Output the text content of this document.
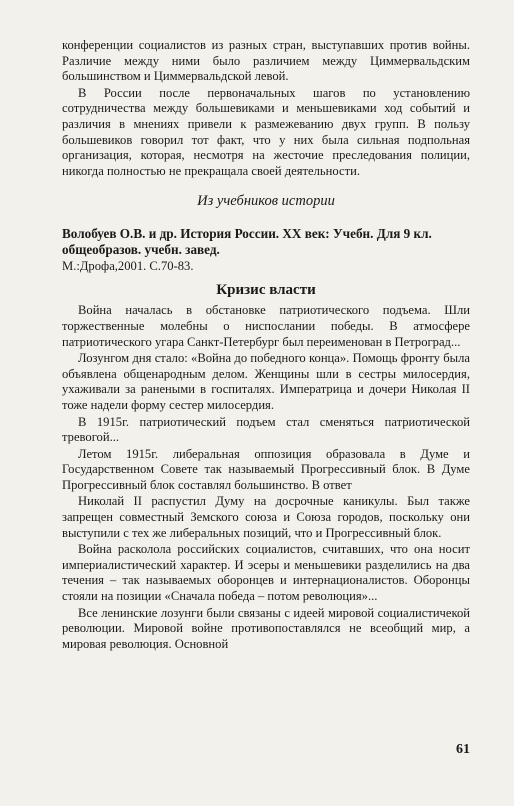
конференции социалистов из разных стран, выступавших против войны. Различие между ними было различием между Циммервальдским большинством и Циммервальдской левой.

В России после первоначальных шагов по установлению сотрудничества между большевиками и меньшевиками ход событий и различия в мнениях привели к размежеванию двух групп. В пользу большевиков говорил тот факт, что у них была сильная подпольная организация, которая, несмотря на жесточие преследования полиции, никогда полностью не прекращала своей деятельности.

Из учебников истории

Волобуев О.В. и др. История России. XX век: Учебн. Для 9 кл. общеобразов. учебн. завед.

М.:Дрофа,2001. С.70-83.

Кризис власти

Война началась в обстановке патриотического подъема. Шли торжественные молебны о ниспослании победы. В атмосфере патриотического угара Санкт-Петербург был переименован в Петроград...

Лозунгом дня стало: «Война до победного конца». Помощь фронту была объявлена общенародным делом. Женщины шли в сестры милосердия, ухаживали за ранеными в госпиталях. Императрица и дочери Николая II тоже надели форму сестер милосердия.

В 1915г. патриотический подъем стал сменяться патриотической тревогой...

Летом 1915г. либеральная оппозиция образовала в Думе и Государственном Совете так называемый Прогрессивный блок. В Думе Прогрессивный блок составлял большинство. В ответ

Николай II распустил Думу на досрочные каникулы. Был также запрещен совместный Земского союза и Союза городов, поскольку они выступили с тех же либеральных позиций, что и Прогрессивный блок.

Война расколола российских социалистов, считавших, что она носит империалистический характер. И эсеры и меньшевики разделились на два течения – так называемых оборонцев и интернационалистов. Оборонцы стояли на позиции «Сначала победа – потом революция»...

Все ленинские лозунги были связаны с идеей мировой социалистичекой революции. Мировой войне противопоставлялся не всеобщий мир, а мировая революция. Основной

61
